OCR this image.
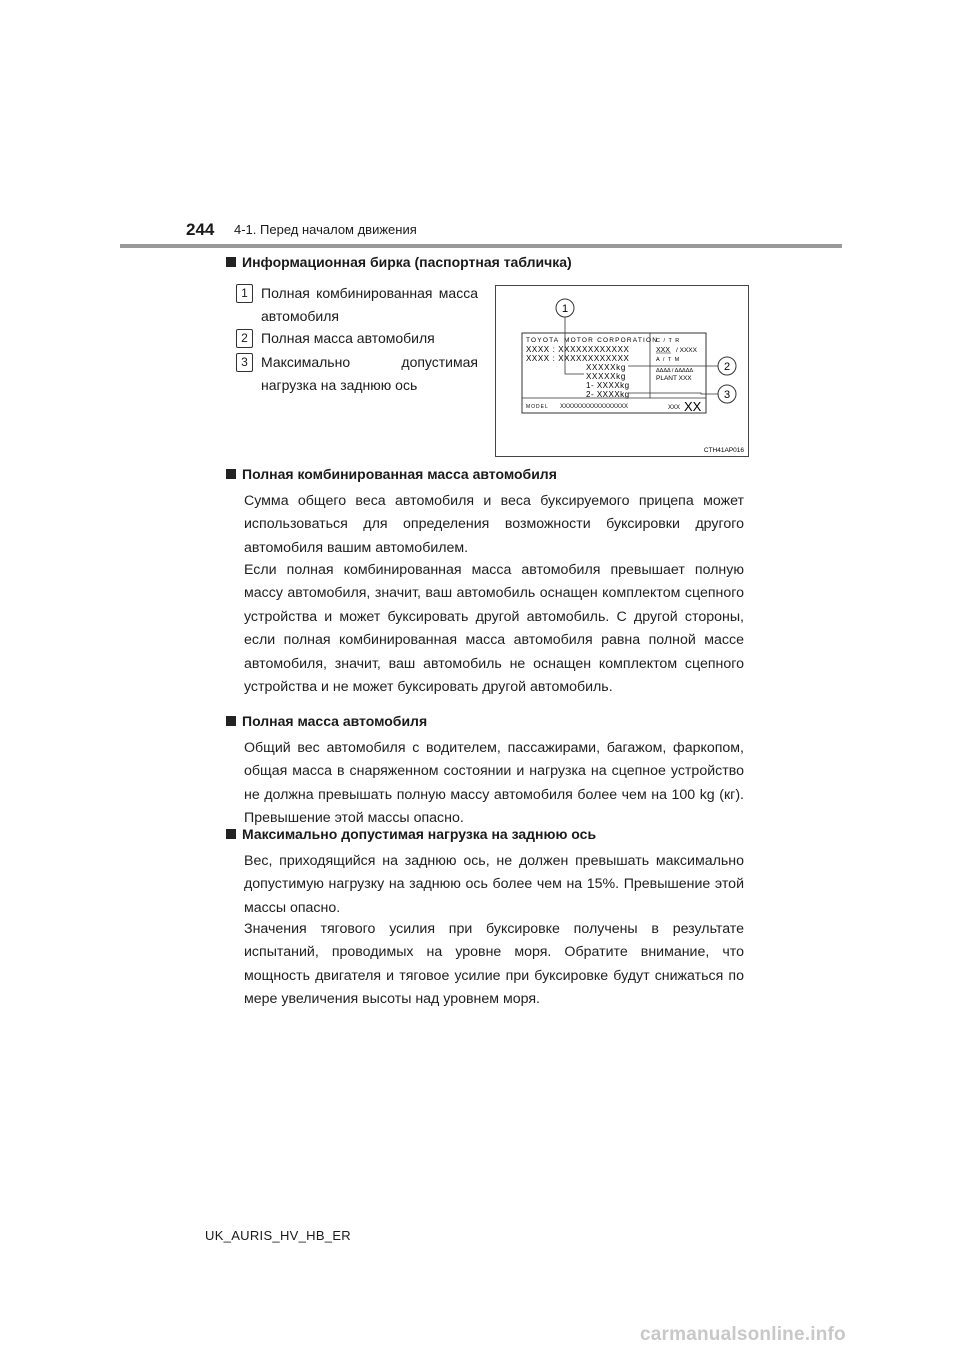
244 4-1. Перед началом движения
Информационная бирка (паспортная табличка)
1 Полная комбинированная масса автомобиля
2 Полная масса автомобиля
3 Максимально допустимая нагрузка на заднюю ось
TOYOTA MOTOR CORPORATION
XXXX : XXXXXXXXXXXX
XXXX : XXXXXXXXXXXX
XXXXXkg
XXXXXkg
1- XXXXkg
2- XXXXkg
C / T R
XXX / XXXX
A / T M
ΔΔΔΔ / ΔΔΔΔΔ
PLANT XXX
MODEL XXXXXXXXXXXXXXXXX	XXX XX
1
2
3
CTH41AP016
Полная комбинированная масса автомобиля
Сумма общего веса автомобиля и веса буксируемого прицепа может использоваться для определения возможности буксировки другого автомобиля вашим автомобилем.
Если полная комбинированная масса автомобиля превышает полную массу автомобиля, значит, ваш автомобиль оснащен комплектом сцепного устройства и может буксировать другой автомобиль. С другой стороны, если полная комбинированная масса автомобиля равна полной массе автомобиля, значит, ваш автомобиль не оснащен комплектом сцепного устройства и не может буксировать другой автомобиль.
Полная масса автомобиля
Общий вес автомобиля с водителем, пассажирами, багажом, фаркопом, общая масса в снаряженном состоянии и нагрузка на сцепное устройство не должна превышать полную массу автомобиля более чем на 100 kg (кг). Превышение этой массы опасно.
Максимально допустимая нагрузка на заднюю ось
Вес, приходящийся на заднюю ось, не должен превышать максимально допустимую нагрузку на заднюю ось более чем на 15%. Превышение этой массы опасно.
Значения тягового усилия при буксировке получены в результате испытаний, проводимых на уровне моря. Обратите внимание, что мощность двигателя и тяговое усилие при буксировке будут снижаться по мере увеличения высоты над уровнем моря.
UK_AURIS_HV_HB_ER
carmanualsonline.info
